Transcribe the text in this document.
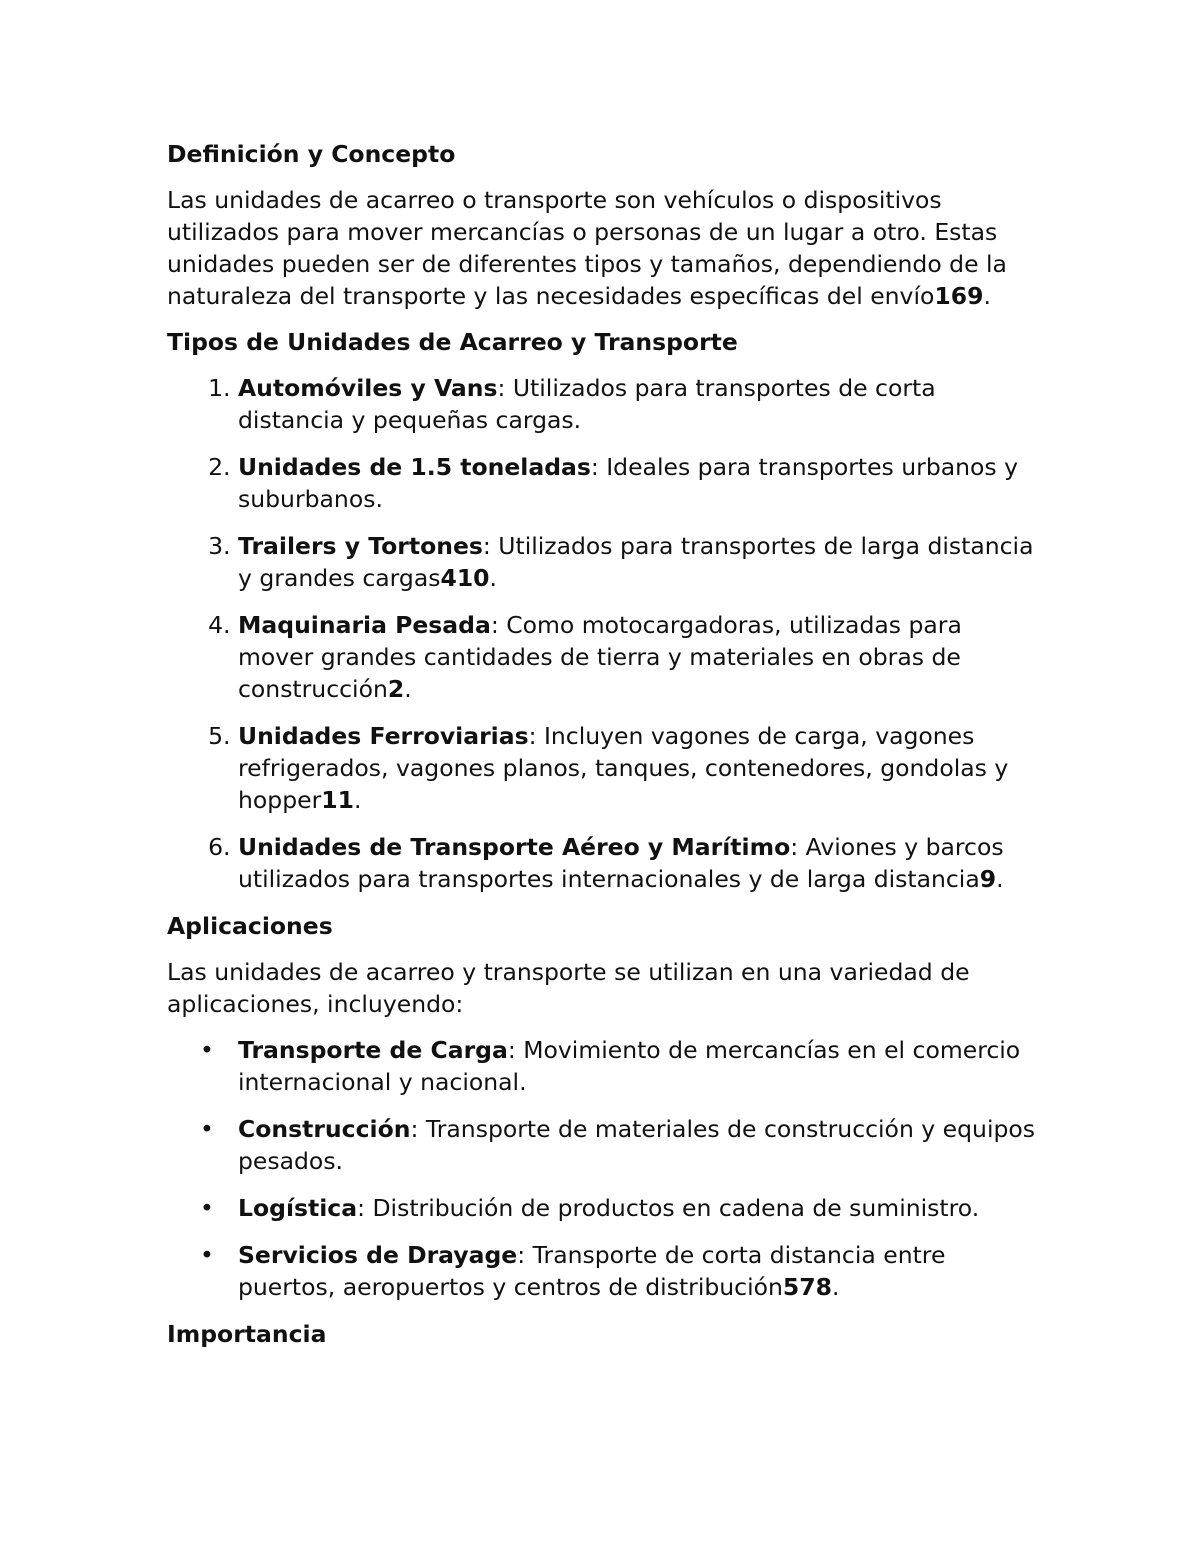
Definición y Concepto

Las unidades de acarreo o transporte son vehículos o dispositivos utilizados para mover mercancías o personas de un lugar a otro. Estas unidades pueden ser de diferentes tipos y tamaños, dependiendo de la naturaleza del transporte y las necesidades específicas del envío169.

Tipos de Unidades de Acarreo y Transporte
1. Automóviles y Vans: Utilizados para transportes de corta distancia y pequeñas cargas.
2. Unidades de 1.5 toneladas: Ideales para transportes urbanos y suburbanos.
3. Trailers y Tortones: Utilizados para transportes de larga distancia y grandes cargas410.
4. Maquinaria Pesada: Como motocargadoras, utilizadas para mover grandes cantidades de tierra y materiales en obras de construcción2.
5. Unidades Ferroviarias: Incluyen vagones de carga, vagones refrigerados, vagones planos, tanques, contenedores, gondolas y hopper11.
6. Unidades de Transporte Aéreo y Marítimo: Aviones y barcos utilizados para transportes internacionales y de larga distancia9.
Aplicaciones

Las unidades de acarreo y transporte se utilizan en una variedad de aplicaciones, incluyendo:

• Transporte de Carga: Movimiento de mercancías en el comercio internacional y nacional.
• Construcción: Transporte de materiales de construcción y equipos pesados.
• Logística: Distribución de productos en cadena de suministro.
• Servicios de Drayage: Transporte de corta distancia entre puertos, aeropuertos y centros de distribución578.
Importancia
